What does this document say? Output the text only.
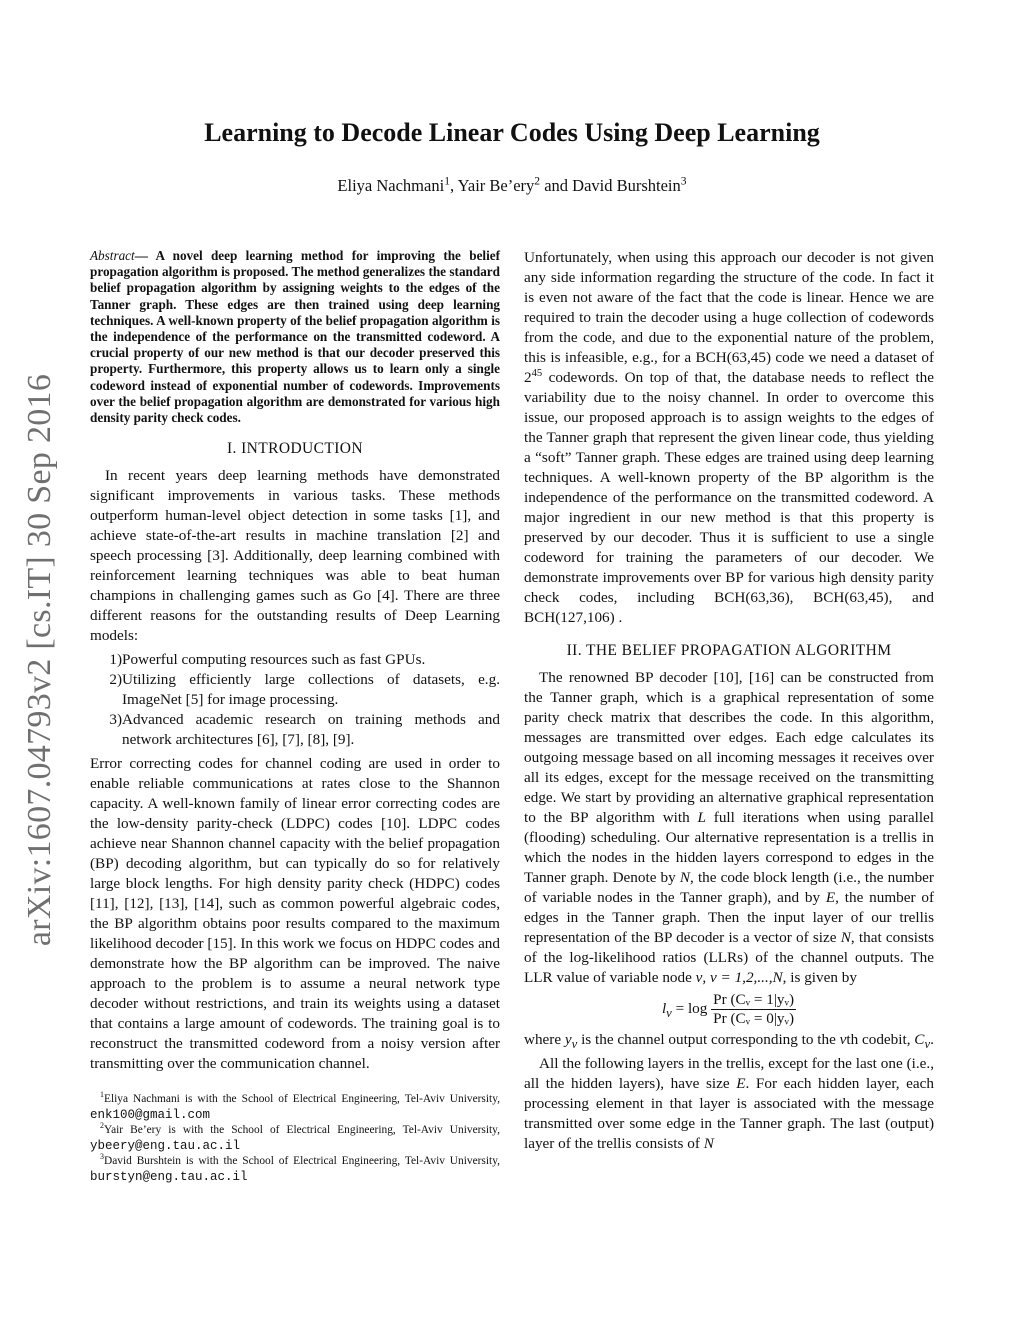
arXiv:1607.04793v2 [cs.IT] 30 Sep 2016
Learning to Decode Linear Codes Using Deep Learning
Eliya Nachmani$^1$, Yair Be’ery$^2$ and David Burshtein$^3$
Abstract— A novel deep learning method for improving the belief propagation algorithm is proposed. The method generalizes the standard belief propagation algorithm by assigning weights to the edges of the Tanner graph. These edges are then trained using deep learning techniques. A well-known property of the belief propagation algorithm is the independence of the performance on the transmitted codeword. A crucial property of our new method is that our decoder preserved this property. Furthermore, this property allows us to learn only a single codeword instead of exponential number of codewords. Improvements over the belief propagation algorithm are demonstrated for various high density parity check codes.
I. INTRODUCTION

In recent years deep learning methods have demonstrated significant improvements in various tasks. These methods outperform human-level object detection in some tasks [1], and achieve state-of-the-art results in machine translation [2] and speech processing [3]. Additionally, deep learning combined with reinforcement learning techniques was able to beat human champions in challenging games such as Go [4]. There are three different reasons for the outstanding results of Deep Learning models:

1) Powerful computing resources such as fast GPUs.
2) Utilizing efficiently large collections of datasets, e.g. ImageNet [5] for image processing.
3) Advanced academic research on training methods and network architectures [6], [7], [8], [9].

Error correcting codes for channel coding are used in order to enable reliable communications at rates close to the Shannon capacity. A well-known family of linear error correcting codes are the low-density parity-check (LDPC) codes [10]. LDPC codes achieve near Shannon channel capacity with the belief propagation (BP) decoding algorithm, but can typically do so for relatively large block lengths. For high density parity check (HDPC) codes [11], [12], [13], [14], such as common powerful algebraic codes, the BP algorithm obtains poor results compared to the maximum likelihood decoder [15]. In this work we focus on HDPC codes and demonstrate how the BP algorithm can be improved. The naive approach to the problem is to assume a neural network type decoder without restrictions, and train its weights using a dataset that contains a large amount of codewords. The training goal is to reconstruct the transmitted codeword from a noisy version after transmitting over the communication channel.

$^1$Eliya Nachmani is with the School of Electrical Engineering, Tel-Aviv University, enk100@gmail.com

$^2$Yair Be’ery is with the School of Electrical Engineering, Tel-Aviv University, ybeery@eng.tau.ac.il

$^3$David Burshtein is with the School of Electrical Engineering, Tel-Aviv University, burstyn@eng.tau.ac.il

Unfortunately, when using this approach our decoder is not given any side information regarding the structure of the code. In fact it is even not aware of the fact that the code is linear. Hence we are required to train the decoder using a huge collection of codewords from the code, and due to the exponential nature of the problem, this is infeasible, e.g., for a BCH(63,45) code we need a dataset of $2^{45}$ codewords. On top of that, the database needs to reflect the variability due to the noisy channel. In order to overcome this issue, our proposed approach is to assign weights to the edges of the Tanner graph that represent the given linear code, thus yielding a “soft” Tanner graph. These edges are trained using deep learning techniques. A well-known property of the BP algorithm is the independence of the performance on the transmitted codeword. A major ingredient in our new method is that this property is preserved by our decoder. Thus it is sufficient to use a single codeword for training the parameters of our decoder. We demonstrate improvements over BP for various high density parity check codes, including BCH(63,36), BCH(63,45), and BCH(127,106) .

II. THE BELIEF PROPAGATION ALGORITHM

The renowned BP decoder [10], [16] can be constructed from the Tanner graph, which is a graphical representation of some parity check matrix that describes the code. In this algorithm, messages are transmitted over edges. Each edge calculates its outgoing message based on all incoming messages it receives over all its edges, except for the message received on the transmitting edge. We start by providing an alternative graphical representation to the BP algorithm with L full iterations when using parallel (flooding) scheduling. Our alternative representation is a trellis in which the nodes in the hidden layers correspond to edges in the Tanner graph. Denote by N, the code block length (i.e., the number of variable nodes in the Tanner graph), and by E, the number of edges in the Tanner graph. Then the input layer of our trellis representation of the BP decoder is a vector of size N, that consists of the log-likelihood ratios (LLRs) of the channel outputs. The LLR value of variable node v, v = 1,2,...,N, is given by

$l_v = \log \frac{\text{Pr (Cᵥ = 1|yᵥ)}}{\text{Pr (Cᵥ = 0|yᵥ)}}$

where $y_v$ is the channel output corresponding to the vth codebit, $C_v$.

All the following layers in the trellis, except for the last one (i.e., all the hidden layers), have size E. For each hidden layer, each processing element in that layer is associated with the message transmitted over some edge in the Tanner graph. The last (output) layer of the trellis consists of N
